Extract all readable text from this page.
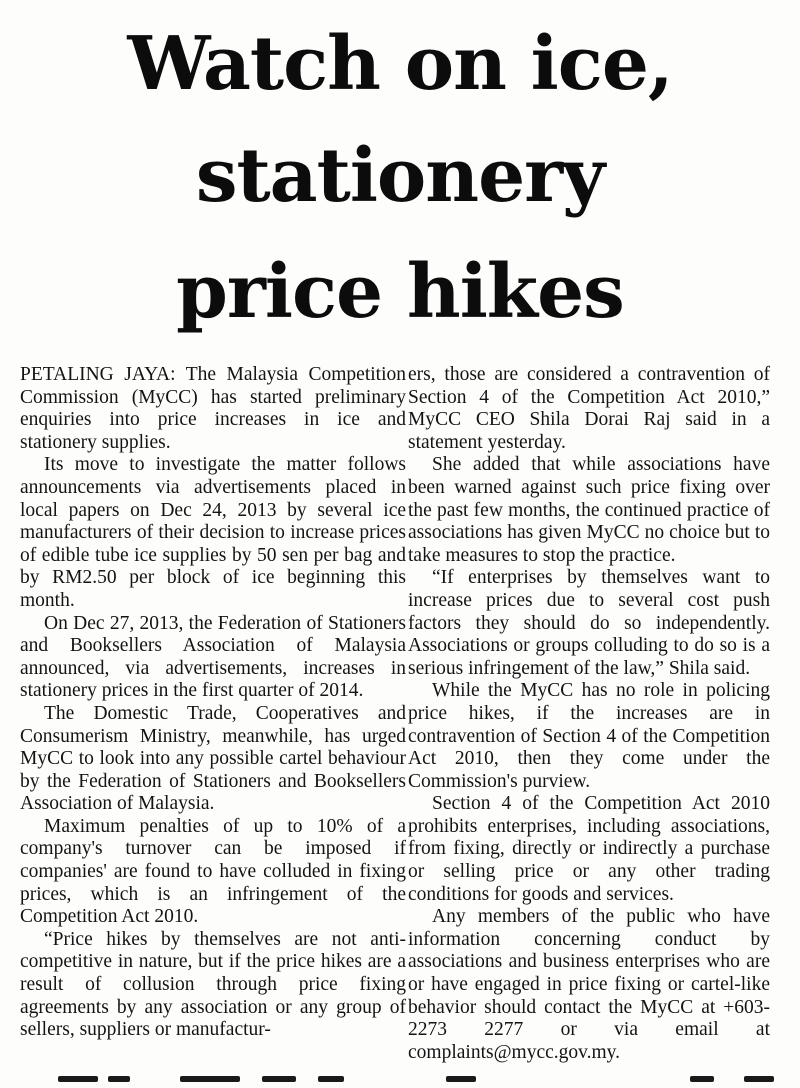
Watch on ice,
stationery
price hikes

PETALING JAYA: The Malaysia Competition Commission (MyCC) has started preliminary enquiries into price increases in ice and stationery supplies.

Its move to investigate the matter follows announcements via advertisements placed in local papers on Dec 24, 2013 by several ice manufacturers of their decision to increase prices of edible tube ice supplies by 50 sen per bag and by RM2.50 per block of ice beginning this month.

On Dec 27, 2013, the Federation of Stationers and Booksellers Association of Malaysia announced, via advertisements, increases in stationery prices in the first quarter of 2014.

The Domestic Trade, Cooperatives and Consumerism Ministry, meanwhile, has urged MyCC to look into any possible cartel behaviour by the Federation of Stationers and Booksellers Association of Malaysia.

Maximum penalties of up to 10% of a company's turnover can be imposed if companies' are found to have colluded in fixing prices, which is an infringement of the Competition Act 2010.

“Price hikes by themselves are not anti-competitive in nature, but if the price hikes are a result of collusion through price fixing agreements by any association or any group of sellers, suppliers or manufactur-

ers, those are considered a contravention of Section 4 of the Competition Act 2010,” MyCC CEO Shila Dorai Raj said in a statement yesterday.

She added that while associations have been warned against such price fixing over the past few months, the continued practice of associations has given MyCC no choice but to take measures to stop the practice.

“If enterprises by themselves want to increase prices due to several cost push factors they should do so independently. Associations or groups colluding to do so is a serious infringement of the law,” Shila said.

While the MyCC has no role in policing price hikes, if the increases are in contravention of Section 4 of the Competition Act 2010, then they come under the Commission's purview.

Section 4 of the Competition Act 2010 prohibits enterprises, including associations, from fixing, directly or indirectly a purchase or selling price or any other trading conditions for goods and services.

Any members of the public who have information concerning conduct by associations and business enterprises who are or have engaged in price fixing or cartel-like behavior should contact the MyCC at +603-2273 2277 or via email at complaints@mycc.gov.my.
